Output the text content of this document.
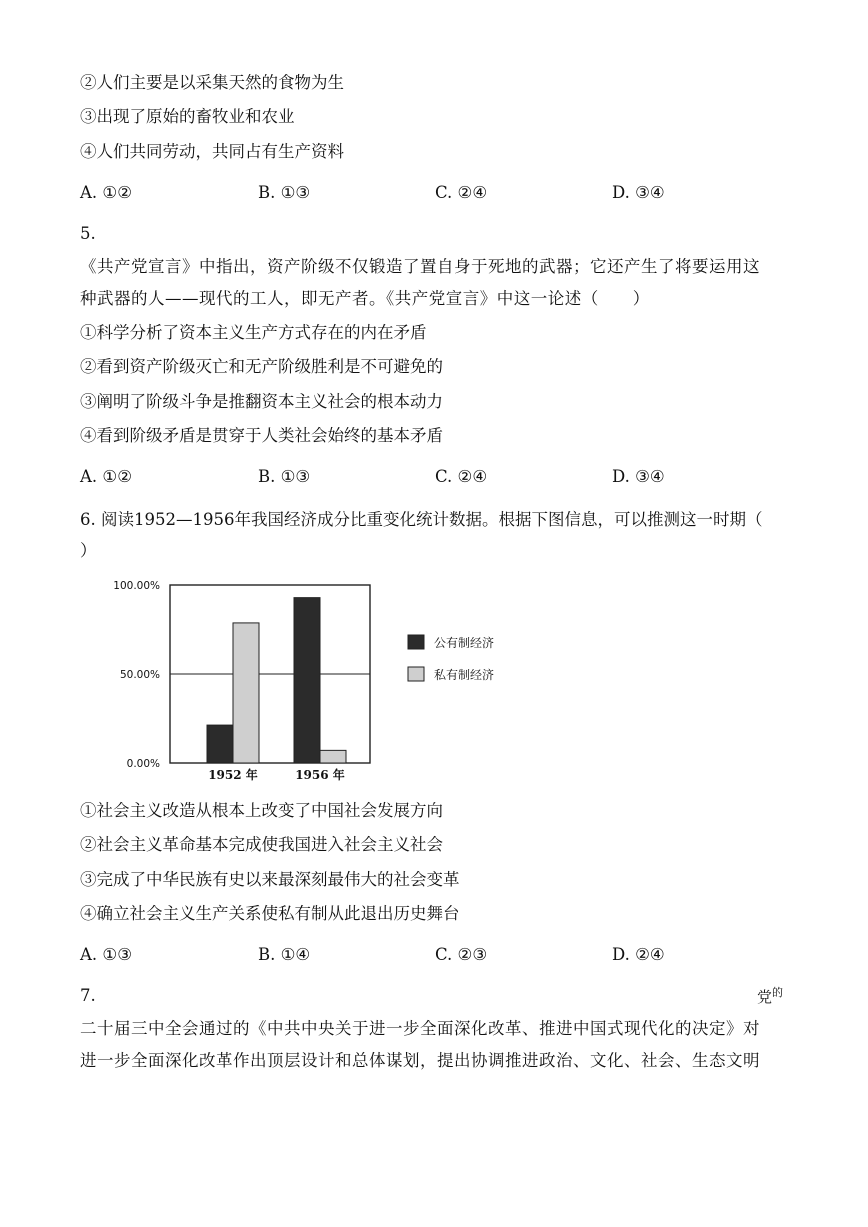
②人们主要是以采集天然的食物为生
③出现了原始的畜牧业和农业
④人们共同劳动，共同占有生产资料
A. ①②	B. ①③	C. ②④	D. ③④
5.
《共产党宣言》中指出，资产阶级不仅锻造了置自身于死地的武器；它还产生了将要运用这
种武器的人——现代的工人，即无产者。《共产党宣言》中这一论述（　　）
①科学分析了资本主义生产方式存在的内在矛盾
②看到资产阶级灭亡和无产阶级胜利是不可避免的
③阐明了阶级斗争是推翻资本主义社会的根本动力
④看到阶级矛盾是贯穿于人类社会始终的基本矛盾
A. ①②	B. ①③	C. ②④	D. ③④
6. 阅读1952—1956年我国经济成分比重变化统计数据。根据下图信息，可以推测这一时期（
）
0.00%
50.00%
100.00%
1952 年	1956 年
公有制经济
私有制经济
①社会主义改造从根本上改变了中国社会发展方向
②社会主义革命基本完成使我国进入社会主义社会
③完成了中华民族有史以来最深刻最伟大的社会变革
④确立社会主义生产关系使私有制从此退出历史舞台
A. ①③	B. ①④	C. ②③	D. ②④
7.	党$^的$
二十届三中全会通过的《中共中央关于进一步全面深化改革、推进中国式现代化的决定》对
进一步全面深化改革作出顶层设计和总体谋划，提出协调推进政治、文化、社会、生态文明
